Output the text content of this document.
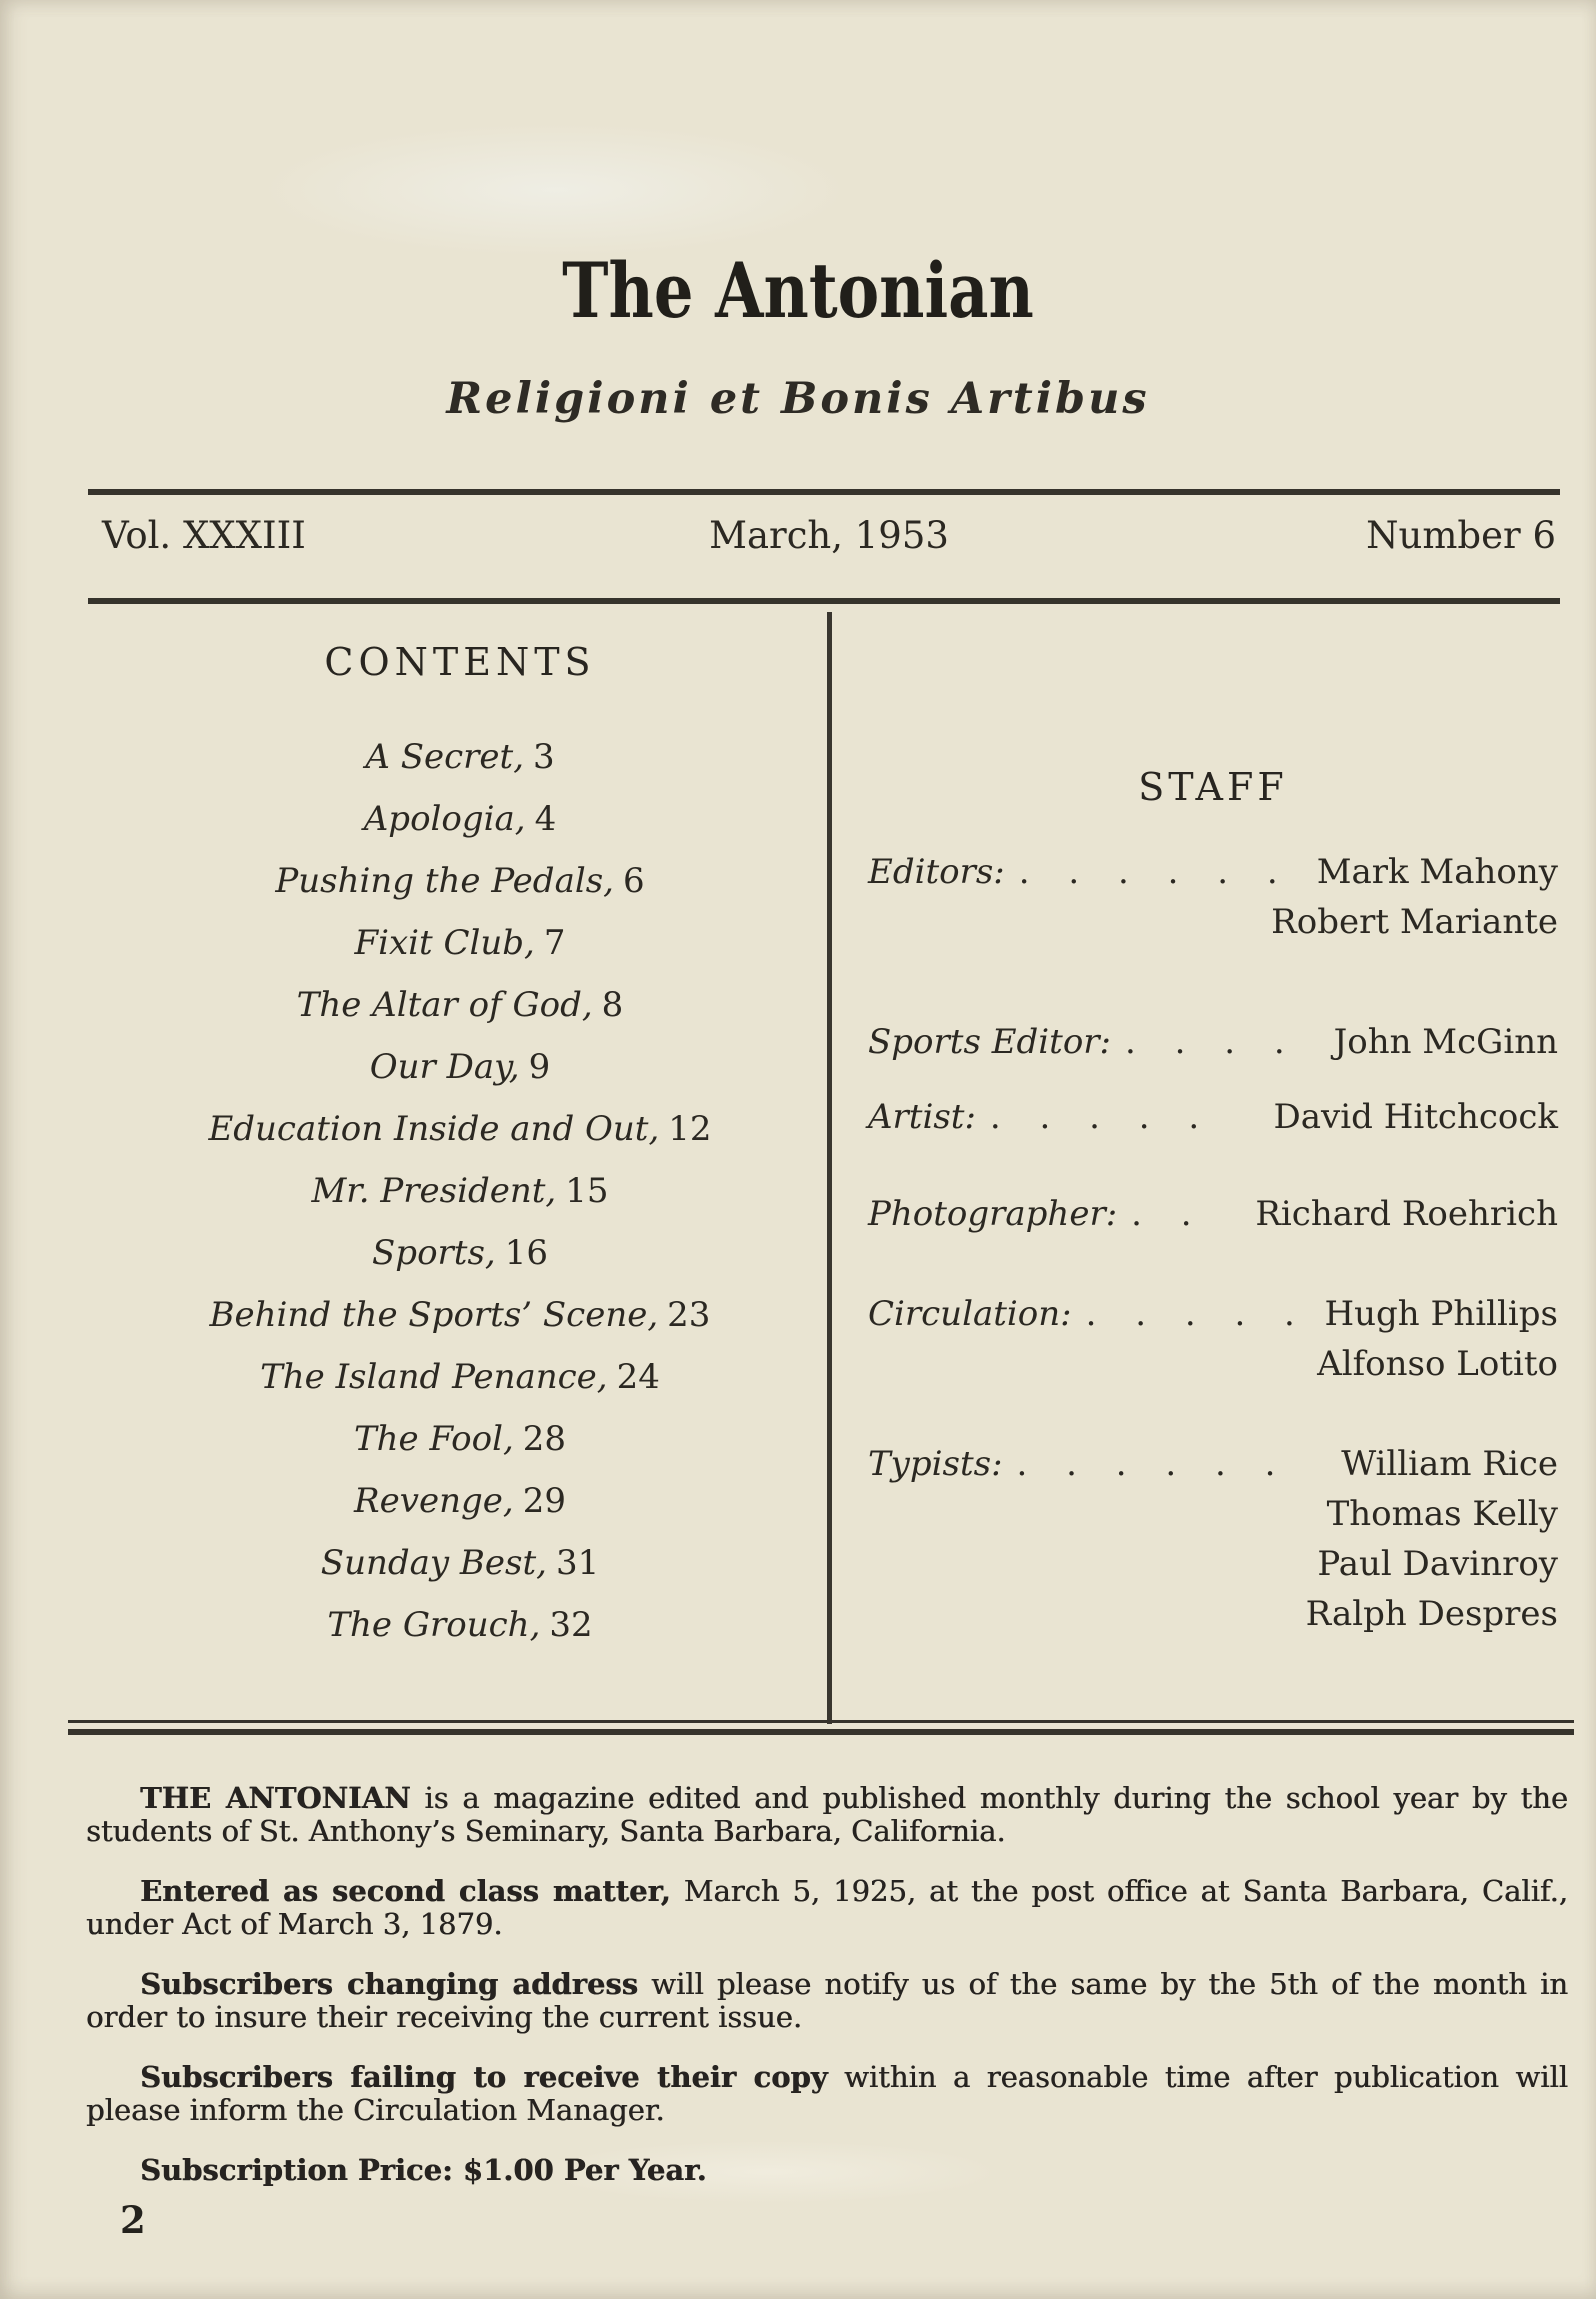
The Antonian
Religioni et Bonis Artibus
Vol. XXXIII	March, 1953	Number 6
CONTENTS
A Secret, 3
Apologia, 4
Pushing the Pedals, 6
Fixit Club, 7
The Altar of God, 8
Our Day, 9
Education Inside and Out, 12
Mr. President, 15
Sports, 16
Behind the Sports’ Scene, 23
The Island Penance, 24
The Fool, 28
Revenge, 29
Sunday Best, 31
The Grouch, 32
STAFF
Editors: . . . . . .	Mark Mahony
Robert Mariante
Sports Editor: . . . .	John McGinn
Artist: . . . . .	David Hitchcock
Photographer: . .	Richard Roehrich
Circulation: . . . . . Hugh Phillips
Alfonso Lotito
Typists: . . . . . .	William Rice
Thomas Kelly
Paul Davinroy
Ralph Despres

THE ANTONIAN is a magazine edited and published monthly during the school year by the students of St. Anthony’s Seminary, Santa Barbara, California.

Entered as second class matter, March 5, 1925, at the post office at Santa Barbara, Calif., under Act of March 3, 1879.

Subscribers changing address will please notify us of the same by the 5th of the month in order to insure their receiving the current issue.

Subscribers failing to receive their copy within a reasonable time after publication will please inform the Circulation Manager.

Subscription Price: $1.00 Per Year.

2
